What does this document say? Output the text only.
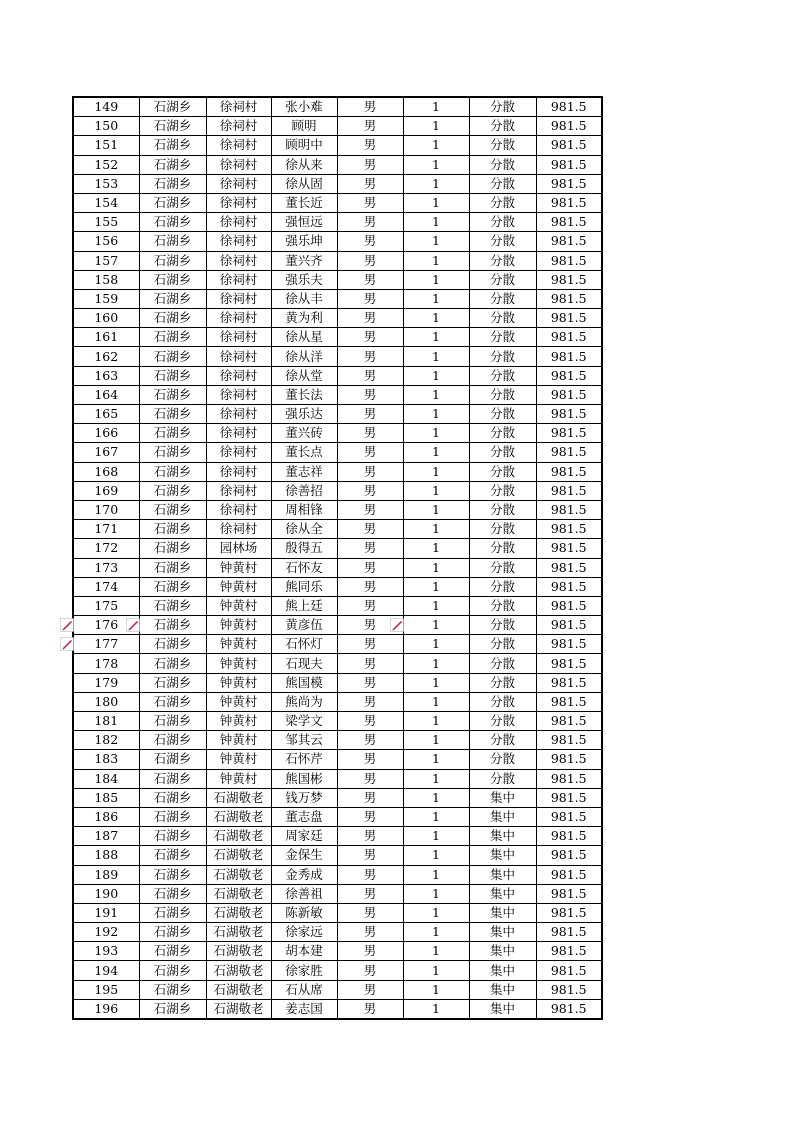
149	石湖乡	徐祠村	张小难	男	1	分散	981.5
150	石湖乡	徐祠村	顾明	男	1	分散	981.5
151	石湖乡	徐祠村	顾明中	男	1	分散	981.5
152	石湖乡	徐祠村	徐从来	男	1	分散	981.5
153	石湖乡	徐祠村	徐从固	男	1	分散	981.5
154	石湖乡	徐祠村	董长近	男	1	分散	981.5
155	石湖乡	徐祠村	强恒远	男	1	分散	981.5
156	石湖乡	徐祠村	强乐坤	男	1	分散	981.5
157	石湖乡	徐祠村	董兴齐	男	1	分散	981.5
158	石湖乡	徐祠村	强乐夫	男	1	分散	981.5
159	石湖乡	徐祠村	徐从丰	男	1	分散	981.5
160	石湖乡	徐祠村	黄为利	男	1	分散	981.5
161	石湖乡	徐祠村	徐从星	男	1	分散	981.5
162	石湖乡	徐祠村	徐从洋	男	1	分散	981.5
163	石湖乡	徐祠村	徐从堂	男	1	分散	981.5
164	石湖乡	徐祠村	董长法	男	1	分散	981.5
165	石湖乡	徐祠村	强乐达	男	1	分散	981.5
166	石湖乡	徐祠村	董兴砖	男	1	分散	981.5
167	石湖乡	徐祠村	董长点	男	1	分散	981.5
168	石湖乡	徐祠村	董志祥	男	1	分散	981.5
169	石湖乡	徐祠村	徐善招	男	1	分散	981.5
170	石湖乡	徐祠村	周相锋	男	1	分散	981.5
171	石湖乡	徐祠村	徐从全	男	1	分散	981.5
172	石湖乡	园林场	殷得五	男	1	分散	981.5
173	石湖乡	钟黄村	石怀友	男	1	分散	981.5
174	石湖乡	钟黄村	熊同乐	男	1	分散	981.5
175	石湖乡	钟黄村	熊上廷	男	1	分散	981.5
176	石湖乡	钟黄村	黄彦伍	男	1	分散	981.5
177	石湖乡	钟黄村	石怀灯	男	1	分散	981.5
178	石湖乡	钟黄村	石现夫	男	1	分散	981.5
179	石湖乡	钟黄村	熊国模	男	1	分散	981.5
180	石湖乡	钟黄村	熊尚为	男	1	分散	981.5
181	石湖乡	钟黄村	梁学文	男	1	分散	981.5
182	石湖乡	钟黄村	邹其云	男	1	分散	981.5
183	石湖乡	钟黄村	石怀芹	男	1	分散	981.5
184	石湖乡	钟黄村	熊国彬	男	1	分散	981.5
185	石湖乡	石湖敬老	钱万梦	男	1	集中	981.5
186	石湖乡	石湖敬老	董志盘	男	1	集中	981.5
187	石湖乡	石湖敬老	周家廷	男	1	集中	981.5
188	石湖乡	石湖敬老	金保生	男	1	集中	981.5
189	石湖乡	石湖敬老	金秀成	男	1	集中	981.5
190	石湖乡	石湖敬老	徐善祖	男	1	集中	981.5
191	石湖乡	石湖敬老	陈新敏	男	1	集中	981.5
192	石湖乡	石湖敬老	徐家远	男	1	集中	981.5
193	石湖乡	石湖敬老	胡本建	男	1	集中	981.5
194	石湖乡	石湖敬老	徐家胜	男	1	集中	981.5
195	石湖乡	石湖敬老	石从席	男	1	集中	981.5
196	石湖乡	石湖敬老	姜志国	男	1	集中	981.5
